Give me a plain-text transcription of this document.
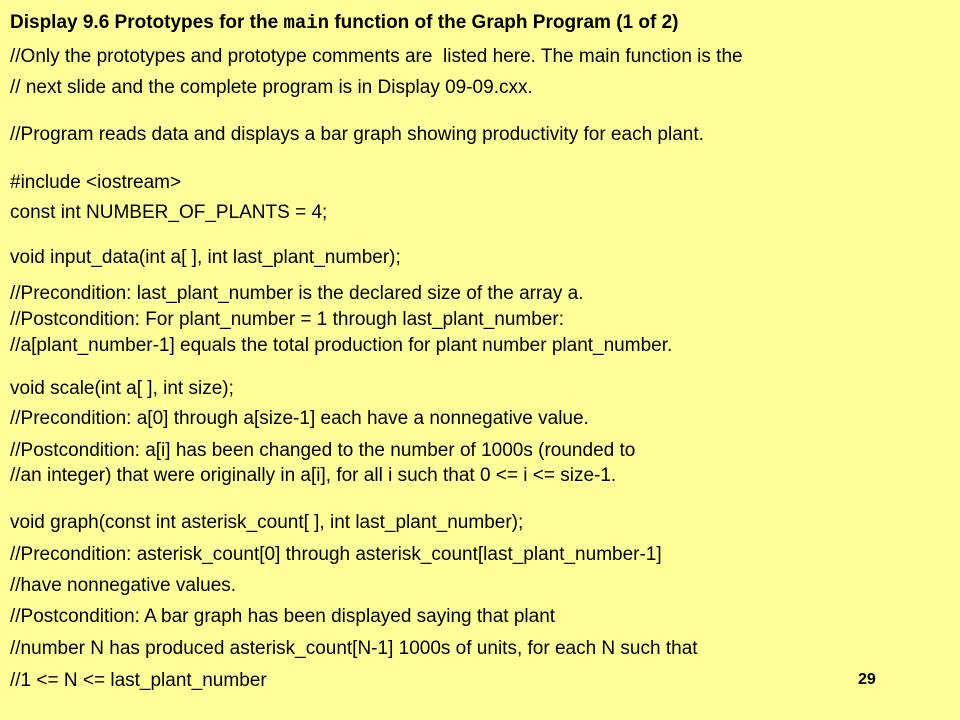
Display 9.6 Prototypes for the main function of the Graph Program (1 of 2)
//Only the prototypes and prototype comments are  listed here. The main function is the
// next slide and the complete program is in Display 09-09.cxx.
//Program reads data and displays a bar graph showing productivity for each plant.
#include <iostream>
const int NUMBER_OF_PLANTS = 4;
void input_data(int a[ ], int last_plant_number);
//Precondition: last_plant_number is the declared size of the array a.
//Postcondition: For plant_number = 1 through last_plant_number:
//a[plant_number-1] equals the total production for plant number plant_number.
void scale(int a[ ], int size);
//Precondition: a[0] through a[size-1] each have a nonnegative value.
//Postcondition: a[i] has been changed to the number of 1000s (rounded to
//an integer) that were originally in a[i], for all i such that 0 <= i <= size-1.
void graph(const int asterisk_count[ ], int last_plant_number);
//Precondition: asterisk_count[0] through asterisk_count[last_plant_number-1]
//have nonnegative values.
//Postcondition: A bar graph has been displayed saying that plant
//number N has produced asterisk_count[N-1] 1000s of units, for each N such that
//1 <= N <= last_plant_number	29
